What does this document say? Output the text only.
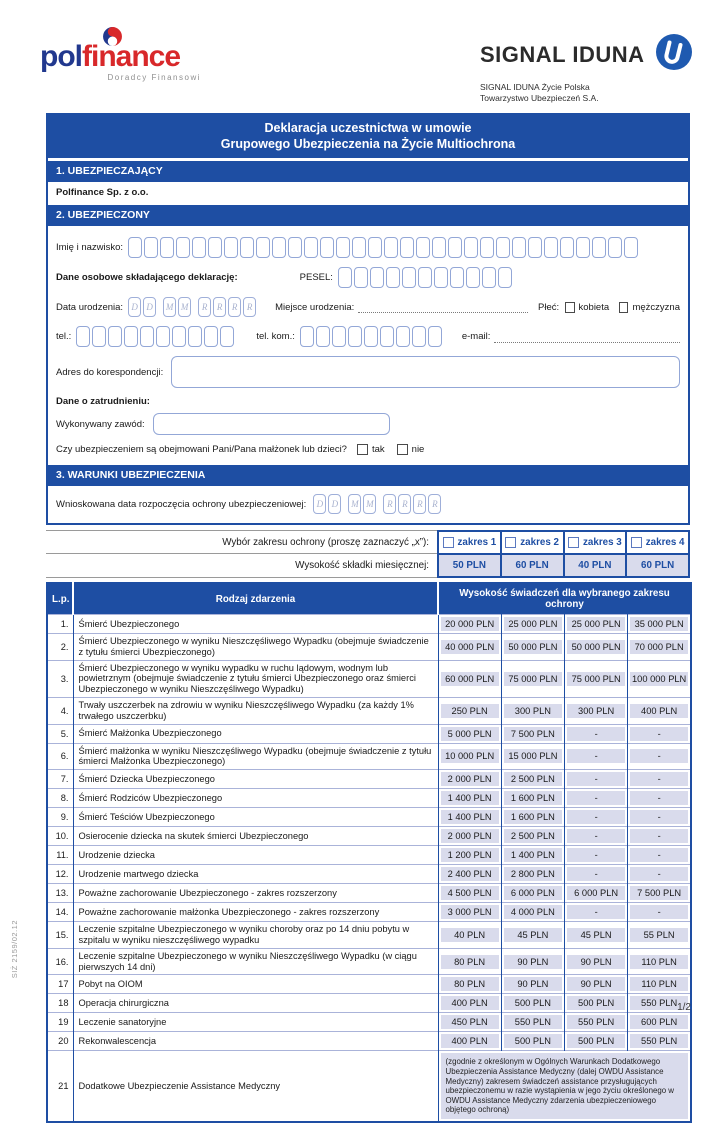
polfinance
Doradcy Finansowi
SIGNAL IDUNA
SIGNAL IDUNA Życie Polska
Towarzystwo Ubezpieczeń S.A.
Deklaracja uczestnictwa w umowie
Grupowego Ubezpieczenia na Życie Multiochrona
1. UBEZPIECZAJĄCY
Polfinance Sp. z o.o.
2. UBEZPIECZONY
Imię i nazwisko:
Dane osobowe składającego deklarację:	PESEL:
Data urodzenia: D D	M M	R	R	R	R	Miejsce urodzenia:	Płeć: kobieta mężczyzna
tel.:	tel. kom.:	e-mail:
Adres do korespondencji:
Dane o zatrudnieniu:
Wykonywany zawód:
Czy ubezpieczeniem są obejmowani Pani/Pana małżonek lub dzieci?	tak	nie
3. WARUNKI UBEZPIECZENIA
Wnioskowana data rozpoczęcia ochrony ubezpieczeniowej:	D D	M M	R	R	R	R
Wybór zakresu ochrony (proszę zaznaczyć „x”):	zakres 1 zakres 2 zakres 3 zakres 4
Wysokość składki miesięcznej:	50 PLN	60 PLN	40 PLN	60 PLN
L.p.	Rodzaj zdarzenia	Wysokość świadczeń dla wybranego zakresu ochrony			
1.	Śmierć Ubezpieczonego	20 000 PLN	25 000 PLN	25 000 PLN	35 000 PLN

2.	Śmierć Ubezpieczonego w wyniku Nieszczęśliwego Wypadku (obejmuje świadczenie z tytułu śmierci Ubezpieczonego)	40 000 PLN	50 000 PLN	50 000 PLN	70 000 PLN

3.	Śmierć Ubezpieczonego w wyniku wypadku w ruchu lądowym, wodnym lub powietrznym (obejmuje świadczenie z tytułu śmierci Ubezpieczonego oraz śmierci Ubezpieczonego w wyniku Nieszczęśliwego Wypadku)	60 000 PLN	75 000 PLN	75 000 PLN	100 000 PLN

4.	Trwały uszczerbek na zdrowiu w wyniku Nieszczęśliwego Wypadku (za każdy 1% trwałego uszczerbku)	250 PLN	300 PLN	300 PLN	400 PLN

5.	Śmierć Małżonka Ubezpieczonego	5 000 PLN	7 500 PLN	-	-

6.	Śmierć małżonka w wyniku Nieszczęśliwego Wypadku (obejmuje świadczenie z tytułu śmierci Małżonka Ubezpieczonego)	10 000 PLN	15 000 PLN	-	-

7.	Śmierć Dziecka Ubezpieczonego	2 000 PLN	2 500 PLN	-	-

8.	Śmierć Rodziców Ubezpieczonego	1 400 PLN	1 600 PLN	-	-

9.	Śmierć Teściów Ubezpieczonego	1 400 PLN	1 600 PLN	-	-

10.	Osierocenie dziecka na skutek śmierci Ubezpieczonego	2 000 PLN	2 500 PLN	-	-

11.	Urodzenie dziecka	1 200 PLN	1 400 PLN	-	-

12.	Urodzenie martwego dziecka	2 400 PLN	2 800 PLN	-	-

13.	Poważne zachorowanie Ubezpieczonego - zakres rozszerzony	4 500 PLN	6 000 PLN	6 000 PLN	7 500 PLN

14.	Poważne zachorowanie małżonka Ubezpieczonego - zakres rozszerzony	3 000 PLN	4 000 PLN	-	-

15.	Leczenie szpitalne Ubezpieczonego w wyniku choroby oraz po 14 dniu pobytu w szpitalu w wyniku nieszczęśliwego wypadku	40 PLN	45 PLN	45 PLN	55 PLN

16.	Leczenie szpitalne Ubezpieczonego w wyniku Nieszczęśliwego Wypadku (w ciągu pierwszych 14 dni)	80 PLN	90 PLN	90 PLN	110 PLN

17	Pobyt na OIOM	80 PLN	90 PLN	90 PLN	110 PLN

18	Operacja chirurgiczna	400 PLN	500 PLN	500 PLN	550 PLN

19	Leczenie sanatoryjne	450 PLN	550 PLN	550 PLN	600 PLN

20	Rekonwalescencja	400 PLN	500 PLN	500 PLN	550 PLN

21	Dodatkowe Ubezpieczenie Assistance Medyczny	(zgodnie z określonym w Ogólnych Warunkach Dodatkowego Ubezpieczenia Assistance Medyczny (dalej OWDU Assistance Medyczny) zakresem świadczeń assistance przysługujących ubezpieczonemu w razie wystąpienia w jego życiu określonego w OWDU Assistance Medyczny zdarzenia ubezpieczeniowego objętego ochroną)			
SIŻ 2159/02.12
1/2
